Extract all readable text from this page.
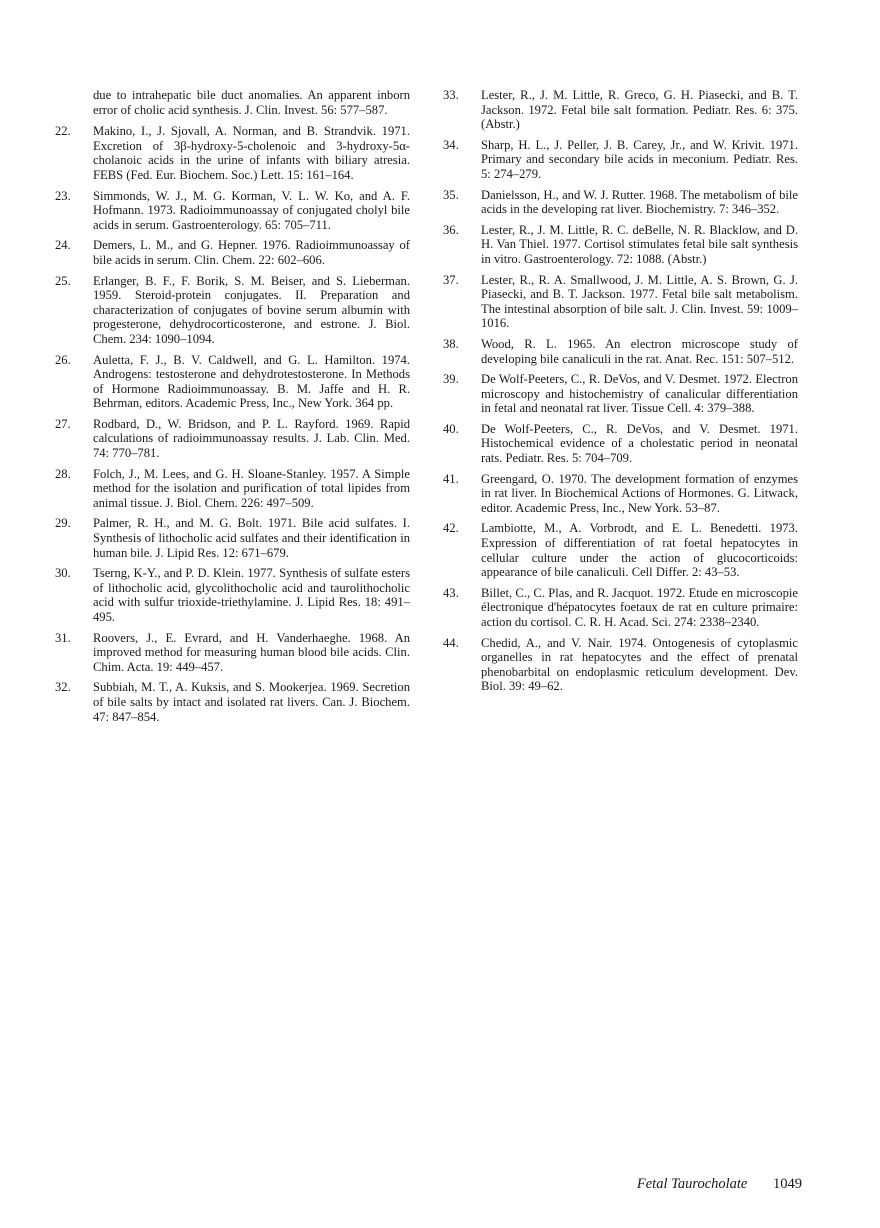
due to intrahepatic bile duct anomalies. An apparent inborn error of cholic acid synthesis. J. Clin. Invest. 56: 577–587.
22.	Makino, I., J. Sjovall, A. Norman, and B. Strandvik. 1971. Excretion of 3β-hydroxy-5-cholenoic and 3-hydroxy-5α-cholanoic acids in the urine of infants with biliary atresia. FEBS (Fed. Eur. Biochem. Soc.) Lett. 15: 161–164.
23.	Simmonds, W. J., M. G. Korman, V. L. W. Ko, and A. F. Hofmann. 1973. Radioimmunoassay of conjugated cholyl bile acids in serum. Gastroenterology. 65: 705–711.
24.	Demers, L. M., and G. Hepner. 1976. Radioimmunoassay of bile acids in serum. Clin. Chem. 22: 602–606.
25.	Erlanger, B. F., F. Borik, S. M. Beiser, and S. Lieberman. 1959. Steroid-protein conjugates. II. Preparation and characterization of conjugates of bovine serum albumin with progesterone, dehydrocorticosterone, and estrone. J. Biol. Chem. 234: 1090–1094.
26.	Auletta, F. J., B. V. Caldwell, and G. L. Hamilton. 1974. Androgens: testosterone and dehydrotestosterone. In Methods of Hormone Radioimmunoassay. B. M. Jaffe and H. R. Behrman, editors. Academic Press, Inc., New York. 364 pp.
27.	Rodbard, D., W. Bridson, and P. L. Rayford. 1969. Rapid calculations of radioimmunoassay results. J. Lab. Clin. Med. 74: 770–781.
28.	Folch, J., M. Lees, and G. H. Sloane-Stanley. 1957. A Simple method for the isolation and purification of total lipides from animal tissue. J. Biol. Chem. 226: 497–509.
29.	Palmer, R. H., and M. G. Bolt. 1971. Bile acid sulfates. I. Synthesis of lithocholic acid sulfates and their identification in human bile. J. Lipid Res. 12: 671–679.
30.	Tserng, K-Y., and P. D. Klein. 1977. Synthesis of sulfate esters of lithocholic acid, glycolithocholic acid and taurolithocholic acid with sulfur trioxide-triethylamine. J. Lipid Res. 18: 491–495.
31.	Roovers, J., E. Evrard, and H. Vanderhaeghe. 1968. An improved method for measuring human blood bile acids. Clin. Chim. Acta. 19: 449–457.
32.	Subbiah, M. T., A. Kuksis, and S. Mookerjea. 1969. Secretion of bile salts by intact and isolated rat livers. Can. J. Biochem. 47: 847–854.
33.	Lester, R., J. M. Little, R. Greco, G. H. Piasecki, and B. T. Jackson. 1972. Fetal bile salt formation. Pediatr. Res. 6: 375. (Abstr.)
34.	Sharp, H. L., J. Peller, J. B. Carey, Jr., and W. Krivit. 1971. Primary and secondary bile acids in meconium. Pediatr. Res. 5: 274–279.
35.	Danielsson, H., and W. J. Rutter. 1968. The metabolism of bile acids in the developing rat liver. Biochemistry. 7: 346–352.
36.	Lester, R., J. M. Little, R. C. deBelle, N. R. Blacklow, and D. H. Van Thiel. 1977. Cortisol stimulates fetal bile salt synthesis in vitro. Gastroenterology. 72: 1088. (Abstr.)
37.	Lester, R., R. A. Smallwood, J. M. Little, A. S. Brown, G. J. Piasecki, and B. T. Jackson. 1977. Fetal bile salt metabolism. The intestinal absorption of bile salt. J. Clin. Invest. 59: 1009–1016.
38.	Wood, R. L. 1965. An electron microscope study of developing bile canaliculi in the rat. Anat. Rec. 151: 507–512.
39.	De Wolf-Peeters, C., R. DeVos, and V. Desmet. 1972. Electron microscopy and histochemistry of canalicular differentiation in fetal and neonatal rat liver. Tissue Cell. 4: 379–388.
40.	De Wolf-Peeters, C., R. DeVos, and V. Desmet. 1971. Histochemical evidence of a cholestatic period in neonatal rats. Pediatr. Res. 5: 704–709.
41.	Greengard, O. 1970. The development formation of enzymes in rat liver. In Biochemical Actions of Hormones. G. Litwack, editor. Academic Press, Inc., New York. 53–87.
42.	Lambiotte, M., A. Vorbrodt, and E. L. Benedetti. 1973. Expression of differentiation of rat foetal hepatocytes in cellular culture under the action of glucocorticoids: appearance of bile canaliculi. Cell Differ. 2: 43–53.
43.	Billet, C., C. Plas, and R. Jacquot. 1972. Etude en microscopie électronique d'hépatocytes foetaux de rat en culture primaire: action du cortisol. C. R. H. Acad. Sci. 274: 2338–2340.
44.	Chedid, A., and V. Nair. 1974. Ontogenesis of cytoplasmic organelles in rat hepatocytes and the effect of prenatal phenobarbital on endoplasmic reticulum development. Dev. Biol. 39: 49–62.
Fetal Taurocholate 1049
